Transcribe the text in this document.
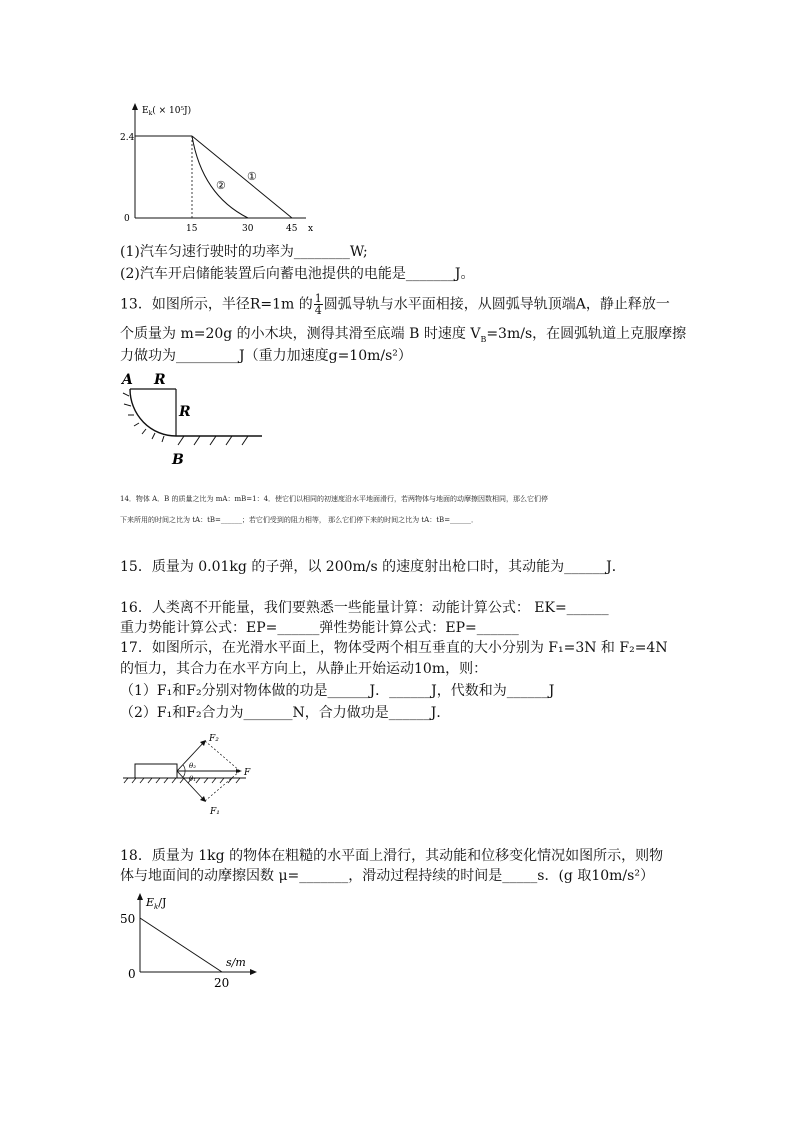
$E_k( \times 10^5J)$
2.4
0
①
②
15	30	45 x
(1)汽车匀速行驶时的功率为________W;
(2)汽车开启储能装置后向蓄电池提供的电能是_______J。
13．如图所示，半径R=1m 的 $\frac{1}{4}$ 圆弧导轨与水平面相接，从圆弧导轨顶端A，静止释放一
个质量为 m=20g 的小木块，测得其滑至底端 B 时速度 $V_B=3m/s$，在圆弧轨道上克服摩擦
力做功为_________J（重力加速度g=10m/s²）
A R
R
B
14．物体 A．B 的质量之比为 mA：mB=1：4．使它们以相同的初速度沿水平地面滑行，若两物体与地面的动摩擦因数相同，那么它们停
下来所用的时间之比为 tA：tB=______；若它们受到的阻力相等， 那么它们停下来的时间之比为 tA：tB=______．
15．质量为 0.01kg 的子弹，以 200m/s 的速度射出枪口时，其动能为______J．
16．人类离不开能量，我们要熟悉一些能量计算：动能计算公式： EK=______
重力势能计算公式：EP=______弹性势能计算公式：EP=______
17．如图所示，在光滑水平面上，物体受两个相互垂直的大小分别为 F₁=3N 和 F₂=4N
的恒力，其合力在水平方向上，从静止开始运动10m，则：
（1）F₁和F₂分别对物体做的功是______J．______J，代数和为______J
（2）F₁和F₂合力为_______N，合力做功是______J．
F₂
θ₂
θ₁
F
F₁
18．质量为 1kg 的物体在粗糙的水平面上滑行，其动能和位移变化情况如图所示，则物
体与地面间的动摩擦因数 μ=_______，滑动过程持续的时间是_____s．(g 取10m/s²）
$E_k/J$
50
0
s/m
20
